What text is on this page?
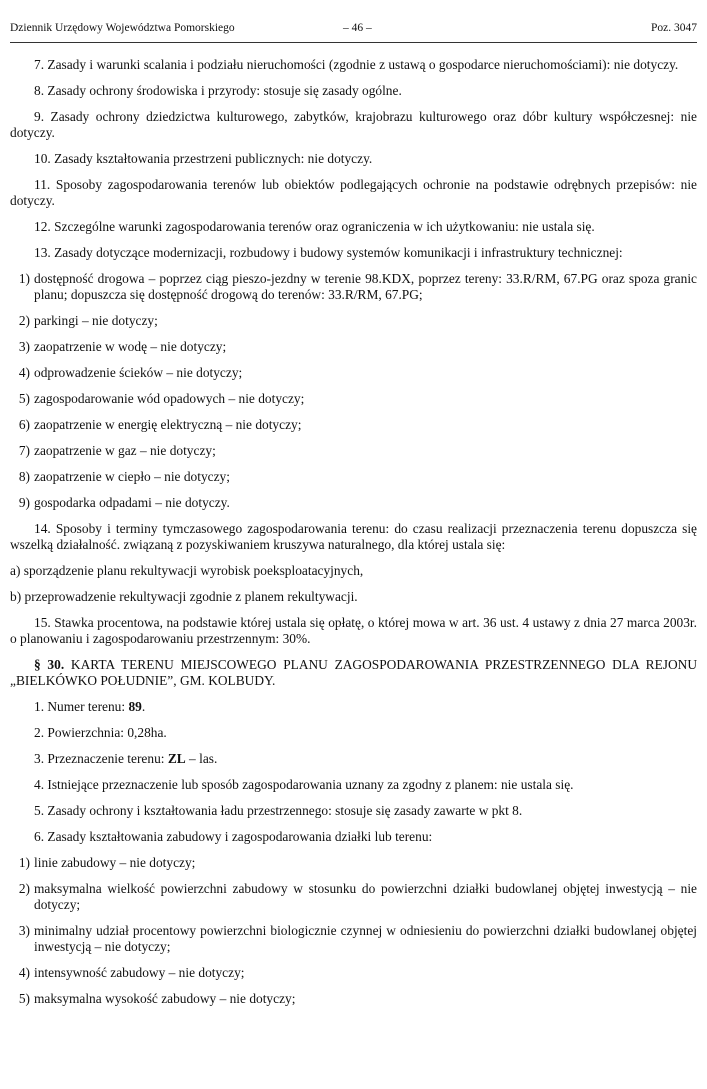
Dziennik Urzędowy Województwa Pomorskiego	– 46 –	Poz. 3047

7. Zasady i warunki scalania i podziału nieruchomości (zgodnie z ustawą o gospodarce nieruchomościami): nie dotyczy.

8. Zasady ochrony środowiska i przyrody: stosuje się zasady ogólne.

9. Zasady ochrony dziedzictwa kulturowego, zabytków, krajobrazu kulturowego oraz dóbr kultury współczesnej: nie dotyczy.

10. Zasady kształtowania przestrzeni publicznych: nie dotyczy.

11. Sposoby zagospodarowania terenów lub obiektów podlegających ochronie na podstawie odrębnych przepisów: nie dotyczy.

12. Szczególne warunki zagospodarowania terenów oraz ograniczenia w ich użytkowaniu: nie ustala się.

13. Zasady dotyczące modernizacji, rozbudowy i budowy systemów komunikacji i infrastruktury technicznej:

1) dostępność drogowa – poprzez ciąg pieszo-jezdny w terenie 98.KDX, poprzez tereny: 33.R/RM, 67.PG oraz spoza granic planu; dopuszcza się dostępność drogową do terenów: 33.R/RM, 67.PG;
2) parkingi – nie dotyczy;
3) zaopatrzenie w wodę – nie dotyczy;
4) odprowadzenie ścieków – nie dotyczy;
5) zagospodarowanie wód opadowych – nie dotyczy;
6) zaopatrzenie w energię elektryczną – nie dotyczy;
7) zaopatrzenie w gaz – nie dotyczy;
8) zaopatrzenie w ciepło – nie dotyczy;
9) gospodarka odpadami – nie dotyczy.

14. Sposoby i terminy tymczasowego zagospodarowania terenu: do czasu realizacji przeznaczenia terenu dopuszcza się wszelką działalność. związaną z pozyskiwaniem kruszywa naturalnego, dla której ustala się:

a) sporządzenie planu rekultywacji wyrobisk poeksploatacyjnych,

b) przeprowadzenie rekultywacji zgodnie z planem rekultywacji.

15. Stawka procentowa, na podstawie której ustala się opłatę, o której mowa w art. 36 ust. 4 ustawy z dnia 27 marca 2003r. o planowaniu i zagospodarowaniu przestrzennym: 30%.

§ 30. KARTA TERENU MIEJSCOWEGO PLANU ZAGOSPODAROWANIA PRZESTRZENNEGO DLA REJONU „BIELKÓWKO POŁUDNIE”, GM. KOLBUDY.

1. Numer terenu: 89.

2. Powierzchnia: 0,28ha.

3. Przeznaczenie terenu: ZL – las.

4. Istniejące przeznaczenie lub sposób zagospodarowania uznany za zgodny z planem: nie ustala się.

5. Zasady ochrony i kształtowania ładu przestrzennego: stosuje się zasady zawarte w pkt 8.

6. Zasady kształtowania zabudowy i zagospodarowania działki lub terenu:

1) linie zabudowy – nie dotyczy;
2) maksymalna wielkość powierzchni zabudowy w stosunku do powierzchni działki budowlanej objętej inwestycją – nie dotyczy;
3) minimalny udział procentowy powierzchni biologicznie czynnej w odniesieniu do powierzchni działki budowlanej objętej inwestycją – nie dotyczy;
4) intensywność zabudowy – nie dotyczy;
5) maksymalna wysokość zabudowy – nie dotyczy;
